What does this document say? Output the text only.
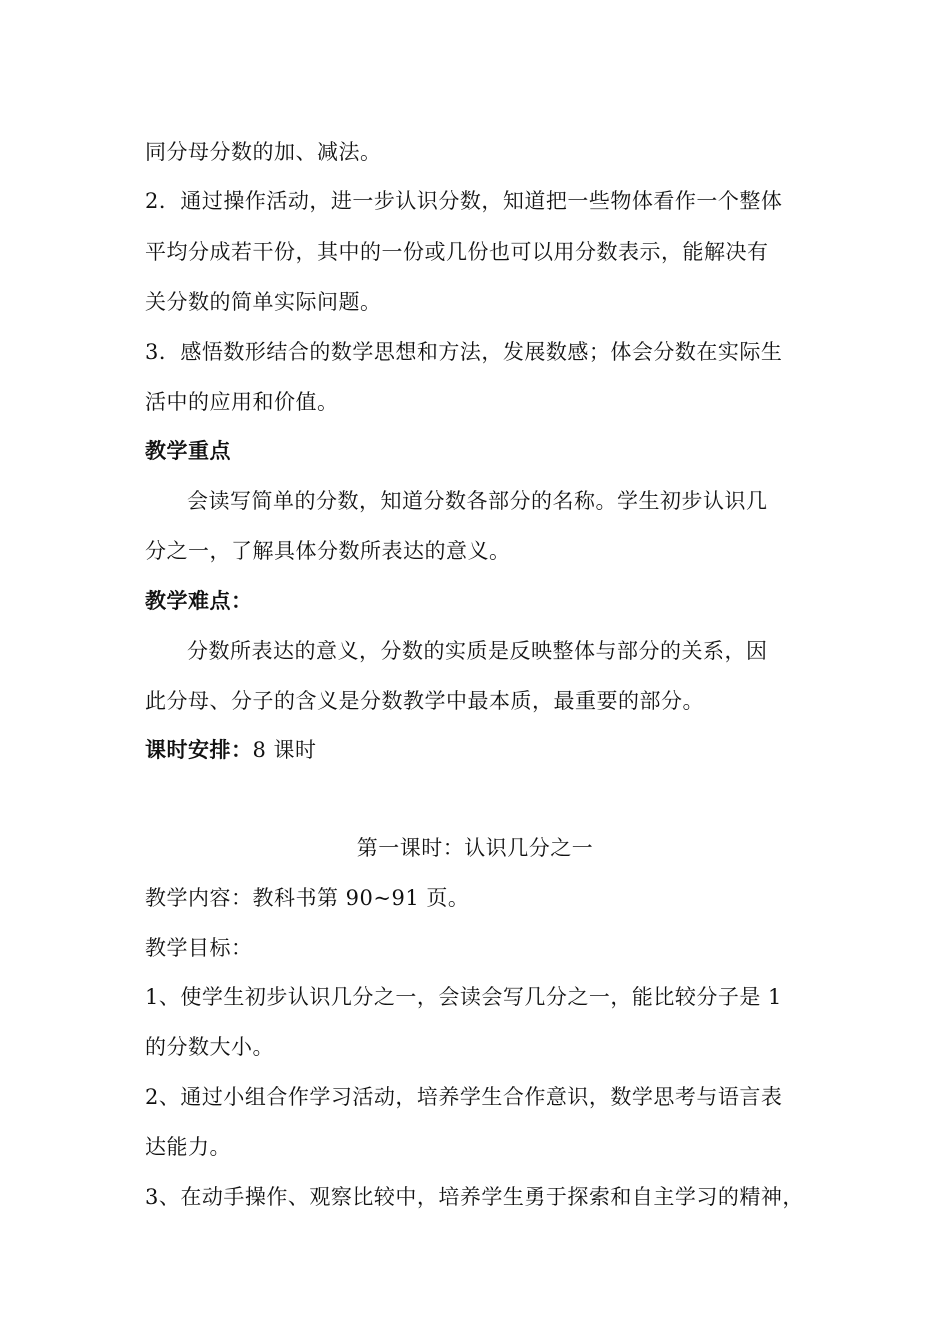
同分母分数的加、减法。
2．通过操作活动，进一步认识分数，知道把一些物体看作一个整体
平均分成若干份，其中的一份或几份也可以用分数表示，能解决有
关分数的简单实际问题。
3．感悟数形结合的数学思想和方法，发展数感；体会分数在实际生
活中的应用和价值。
教学重点
会读写简单的分数，知道分数各部分的名称。学生初步认识几
分之一，了解具体分数所表达的意义。
教学难点：
分数所表达的意义，分数的实质是反映整体与部分的关系，因
此分母、分子的含义是分数教学中最本质，最重要的部分。
课时安排：8 课时
第一课时：认识几分之一
教学内容：教科书第 90~91 页。
教学目标：
1、使学生初步认识几分之一，会读会写几分之一，能比较分子是 1
的分数大小。
2、通过小组合作学习活动，培养学生合作意识，数学思考与语言表
达能力。
3、在动手操作、观察比较中，培养学生勇于探索和自主学习的精神，
